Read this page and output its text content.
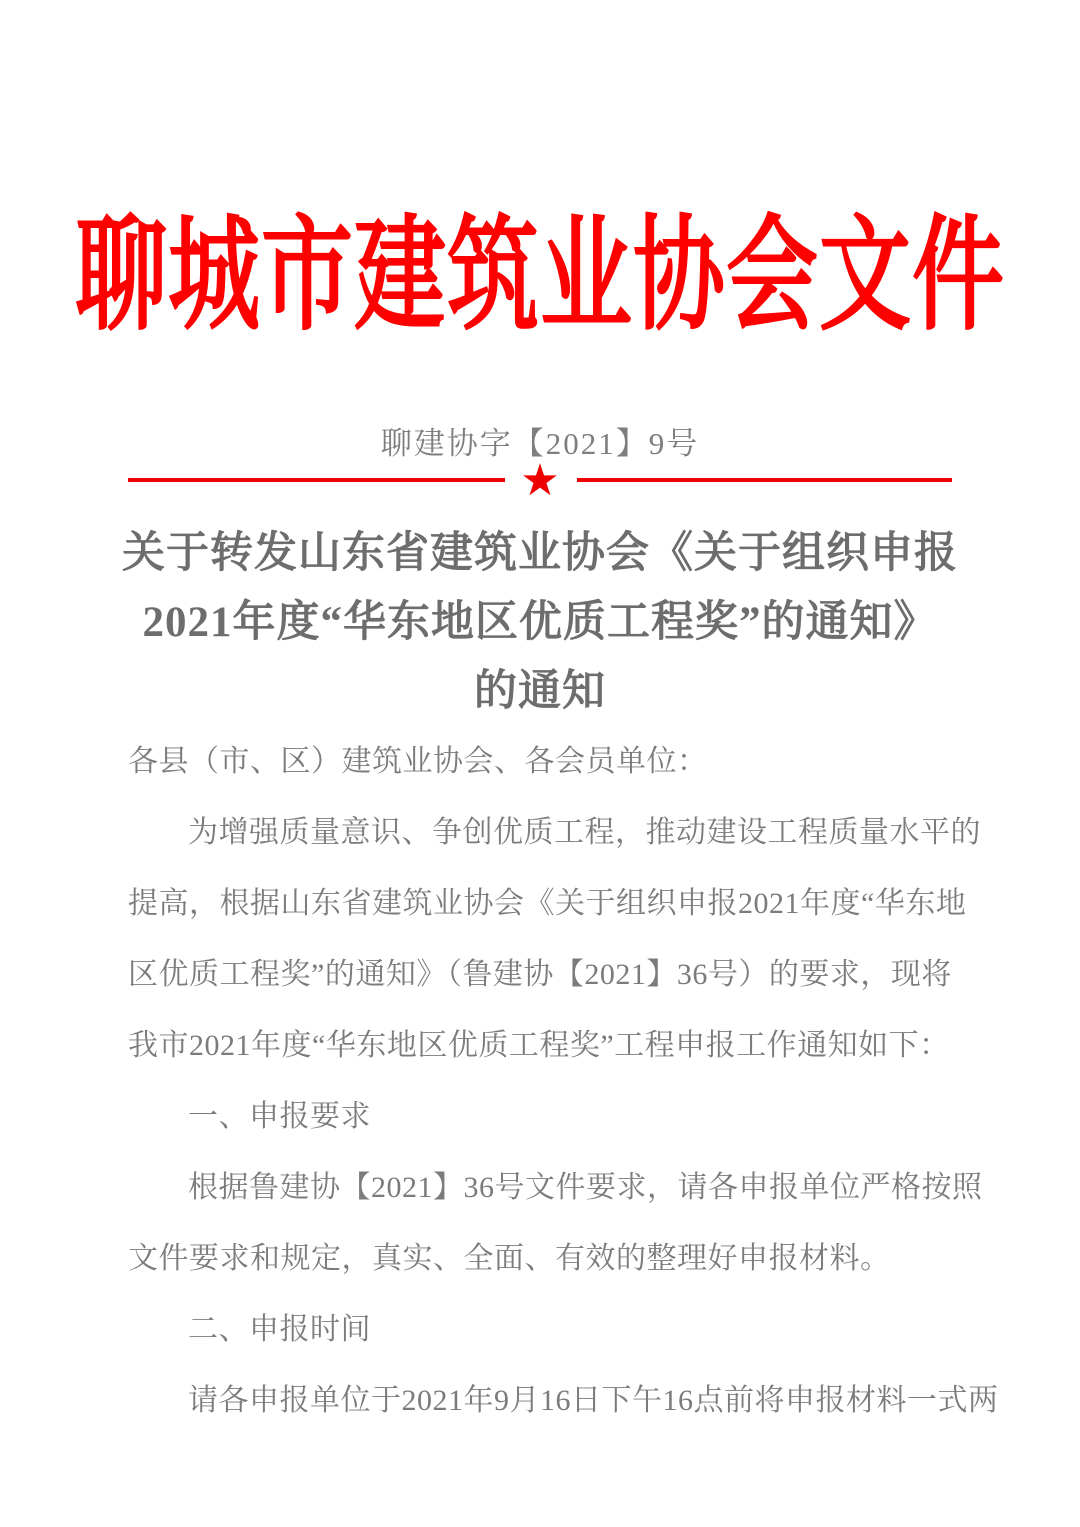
聊城市建筑业协会文件
聊建协字【2021】9号
★
关于转发山东省建筑业协会《关于组织申报
2021年度“华东地区优质工程奖”的通知》
的通知
各县（市、区）建筑业协会、各会员单位：
为增强质量意识、争创优质工程，推动建设工程质量水平的
提高，根据山东省建筑业协会《关于组织申报2021年度“华东地
区优质工程奖”的通知》（鲁建协【2021】36号）的要求，现将
我市2021年度“华东地区优质工程奖”工程申报工作通知如下：
一、申报要求
根据鲁建协【2021】36号文件要求，请各申报单位严格按照
文件要求和规定，真实、全面、有效的整理好申报材料。
二、申报时间
请各申报单位于2021年9月16日下午16点前将申报材料一式两
